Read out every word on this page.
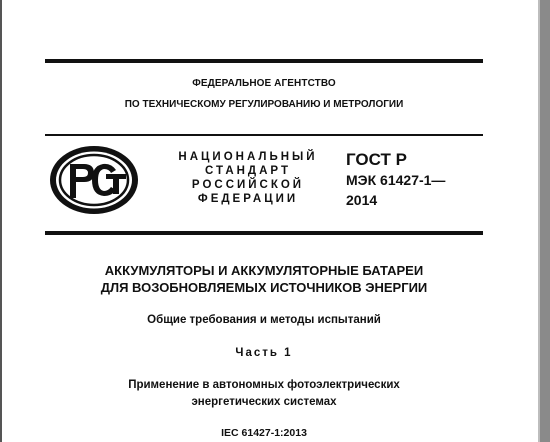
ФЕДЕРАЛЬНОЕ АГЕНТСТВО
ПО ТЕХНИЧЕСКОМУ РЕГУЛИРОВАНИЮ И МЕТРОЛОГИИ
НАЦИОНАЛЬНЫЙ
СТАНДАРТ
РОССИЙСКОЙ
ФЕДЕРАЦИИ
ГОСТ Р
МЭК 61427-1—
2014
АККУМУЛЯТОРЫ И АККУМУЛЯТОРНЫЕ БАТАРЕИ
ДЛЯ ВОЗОБНОВЛЯЕМЫХ ИСТОЧНИКОВ ЭНЕРГИИ
Общие требования и методы испытаний
Часть 1
Применение в автономных фотоэлектрических
энергетических системах
IEC 61427-1:2013
